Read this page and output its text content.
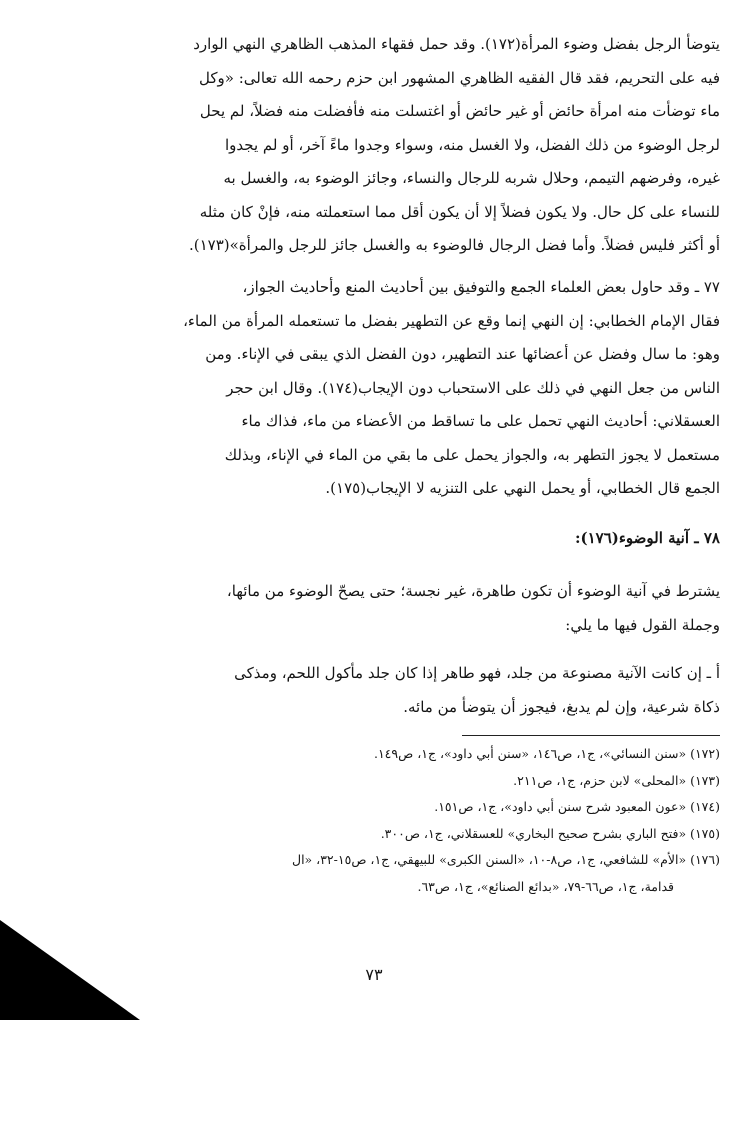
يتوضأ الرجل بفضل وضوء المرأة(١٧٢). وقد حمل فقهاء المذهب الظاهري النهي الوارد
فيه على التحريم، فقد قال الفقيه الظاهري المشهور ابن حزم رحمه الله تعالى: «وكل
ماء توضأت منه امرأة حائض أو غير حائض أو اغتسلت منه فأفضلت منه فضلاً، لم يحل
لرجل الوضوء من ذلك الفضل، ولا الغسل منه، وسواء وجدوا ماءً آخر، أو لم يجدوا
غيره، وفرضهم التيمم، وحلال شربه للرجال والنساء، وجائز الوضوء به، والغسل به
للنساء على كل حال. ولا يكون فضلاً إلا أن يكون أقل مما استعملته منه، فإنْ كان مثله
أو أكثر فليس فضلاً. وأما فضل الرجال فالوضوء به والغسل جائز للرجل والمرأة»(١٧٣).
٧٧ ـ وقد حاول بعض العلماء الجمع والتوفيق بين أحاديث المنع وأحاديث الجواز،
فقال الإمام الخطابي: إن النهي إنما وقع عن التطهير بفضل ما تستعمله المرأة من الماء،
وهو: ما سال وفضل عن أعضائها عند التطهير، دون الفضل الذي يبقى في الإناء. ومن
الناس من جعل النهي في ذلك على الاستحباب دون الإيجاب(١٧٤). وقال ابن حجر
العسقلاني: أحاديث النهي تحمل على ما تساقط من الأعضاء من ماء، فذاك ماء
مستعمل لا يجوز التطهر به، والجواز يحمل على ما بقي من الماء في الإناء، وبذلك
الجمع قال الخطابي، أو يحمل النهي على التنزيه لا الإيجاب(١٧٥).
٧٨ ـ آنية الوضوء(١٧٦):
يشترط في آنية الوضوء أن تكون طاهرة، غير نجسة؛ حتى يصحّ الوضوء من مائها،
وجملة القول فيها ما يلي:
أ ـ إن كانت الآنية مصنوعة من جلد، فهو طاهر إذا كان جلد مأكول اللحم، ومذكى
ذكاة شرعية، وإن لم يدبغ، فيجوز أن يتوضأ من مائه.
(١٧٢) «سنن النسائي»، ج١، ص١٤٦، «سنن أبي داود»، ج١، ص١٤٩.
(١٧٣) «المحلى» لابن حزم، ج١، ص٢١١.
(١٧٤) «عون المعبود شرح سنن أبي داود»، ج١، ص١٥١.
(١٧٥) «فتح الباري بشرح صحيح البخاري» للعسقلاني، ج١، ص٣٠٠.
(١٧٦) «الأم» للشافعي، ج١، ص٨-١٠، «السنن الكبرى» للبيهقي، ج١، ص١٥-٣٢، «ال
قدامة، ج١، ص٦٦-٧٩، «بدائع الصنائع»، ج١، ص٦٣.
٧٣
